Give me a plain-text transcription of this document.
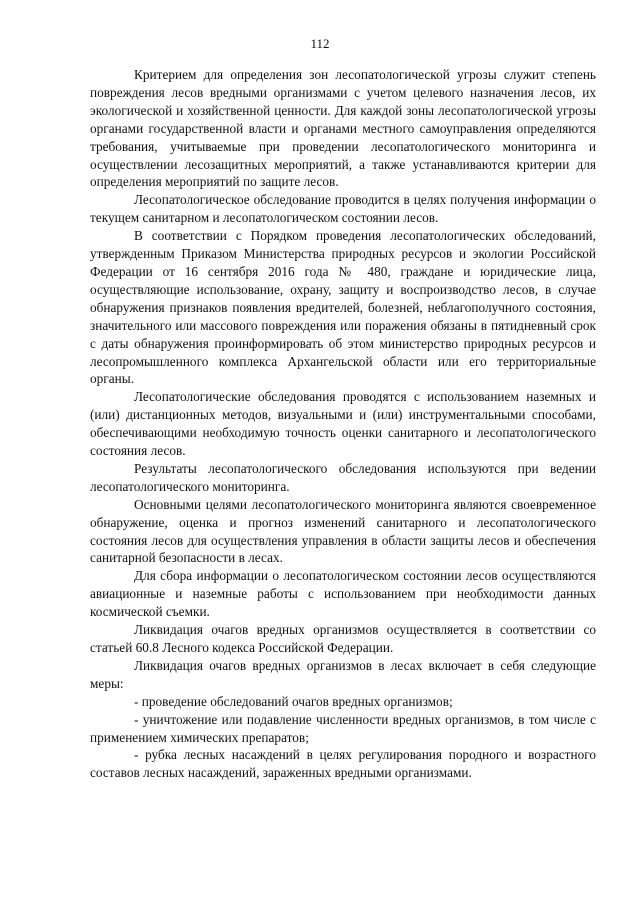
112

Критерием для определения зон лесопатологической угрозы служит степень повреждения лесов вредными организмами с учетом целевого назначения лесов, их экологической и хозяйственной ценности. Для каждой зоны лесопатологической угрозы органами государственной власти и органами местного самоуправления определяются требования, учитываемые при проведении лесопатологического мониторинга и осуществлении лесозащитных мероприятий, а также устанавливаются критерии для определения мероприятий по защите лесов.

Лесопатологическое обследование проводится в целях получения информации о текущем санитарном и лесопатологическом состоянии лесов.

В соответствии с Порядком проведения лесопатологических обследований, утвержденным Приказом Министерства природных ресурсов и экологии Российской Федерации от 16 сентября 2016 года № 480, граждане и юридические лица, осуществляющие использование, охрану, защиту и воспроизводство лесов, в случае обнаружения признаков появления вредителей, болезней, неблагополучного состояния, значительного или массового повреждения или поражения обязаны в пятидневный срок с даты обнаружения проинформировать об этом министерство природных ресурсов и лесопромышленного комплекса Архангельской области или его территориальные органы.

Лесопатологические обследования проводятся с использованием наземных и (или) дистанционных методов, визуальными и (или) инструментальными способами, обеспечивающими необходимую точность оценки санитарного и лесопатологического состояния лесов.

Результаты лесопатологического обследования используются при ведении лесопатологического мониторинга.

Основными целями лесопатологического мониторинга являются своевременное обнаружение, оценка и прогноз изменений санитарного и лесопатологического состояния лесов для осуществления управления в области защиты лесов и обеспечения санитарной безопасности в лесах.

Для сбора информации о лесопатологическом состоянии лесов осуществляются авиационные и наземные работы с использованием при необходимости данных космической съемки.

Ликвидация очагов вредных организмов осуществляется в соответствии со статьей 60.8 Лесного кодекса Российской Федерации.

Ликвидация очагов вредных организмов в лесах включает в себя следующие меры:

- проведение обследований очагов вредных организмов;

- уничтожение или подавление численности вредных организмов, в том числе с применением химических препаратов;

- рубка лесных насаждений в целях регулирования породного и возрастного составов лесных насаждений, зараженных вредными организмами.
